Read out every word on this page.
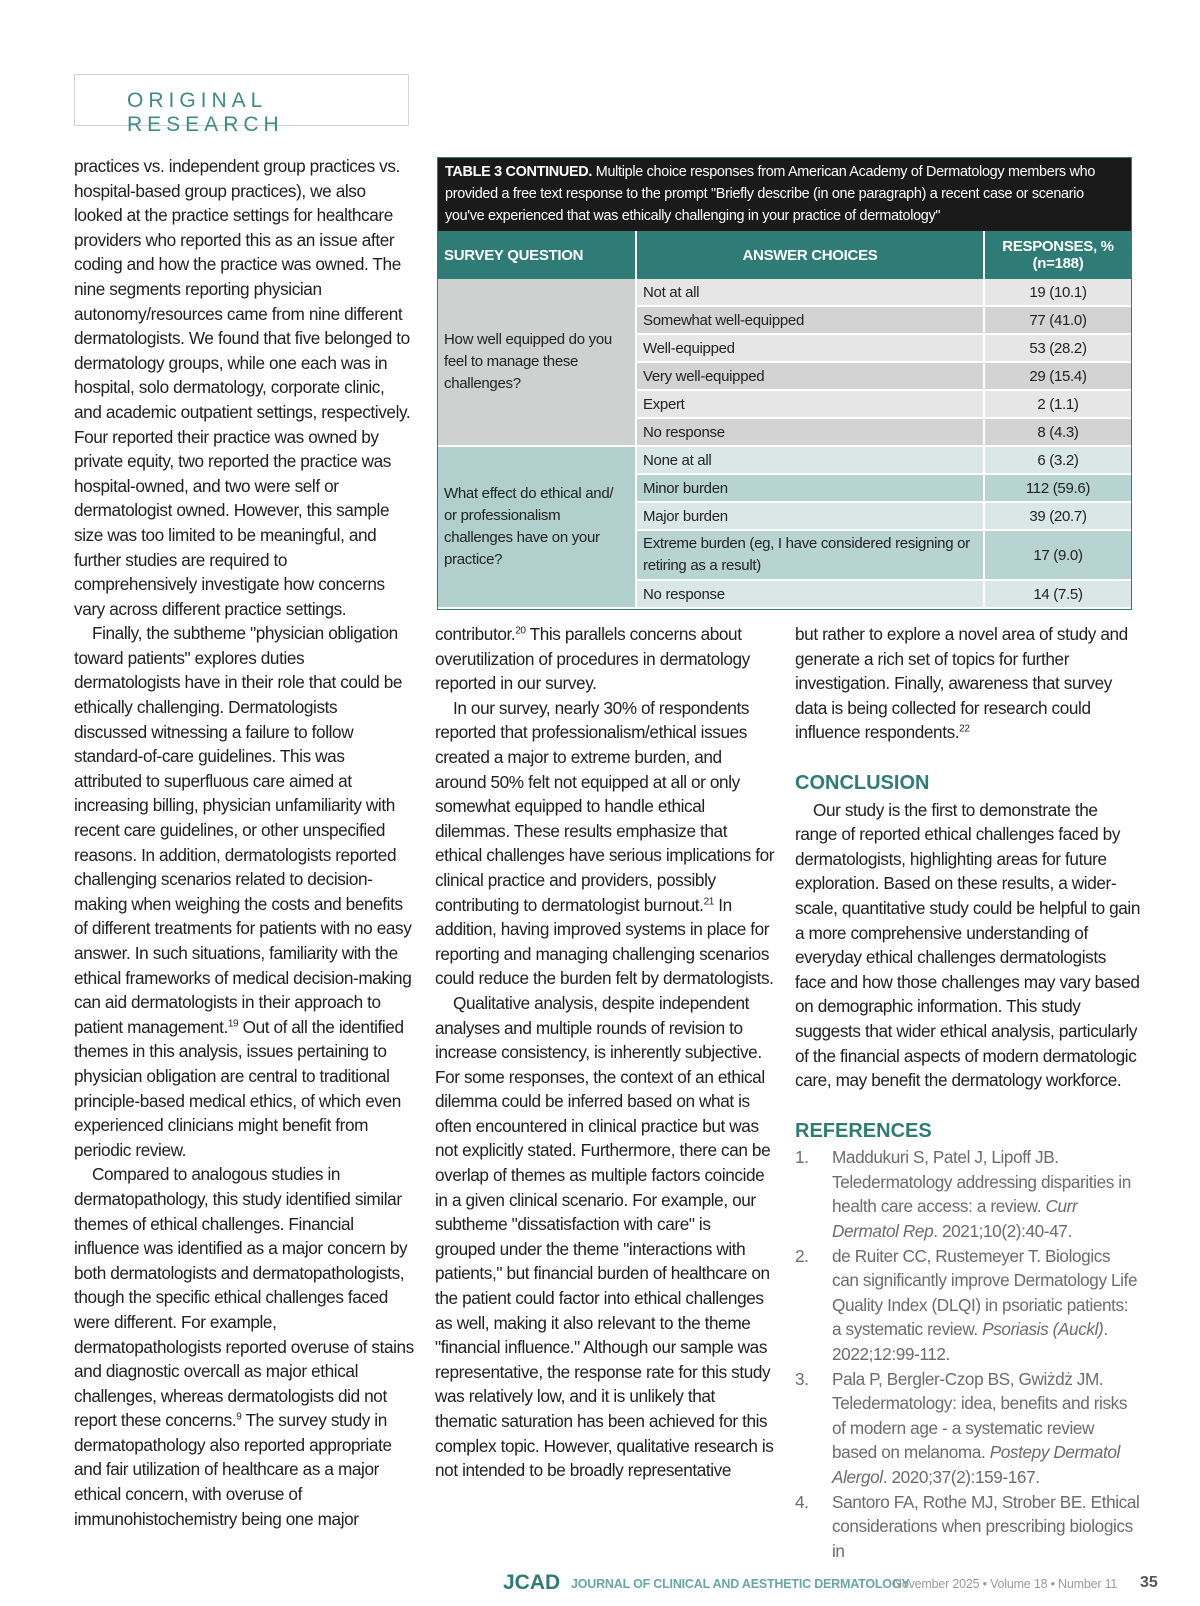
ORIGINAL RESEARCH

practices vs. independent group practices vs. hospital-based group practices), we also looked at the practice settings for healthcare providers who reported this as an issue after coding and how the practice was owned. The nine segments reporting physician autonomy/resources came from nine different dermatologists. We found that five belonged to dermatology groups, while one each was in hospital, solo dermatology, corporate clinic, and academic outpatient settings, respectively. Four reported their practice was owned by private equity, two reported the practice was hospital-owned, and two were self or dermatologist owned. However, this sample size was too limited to be meaningful, and further studies are required to comprehensively investigate how concerns vary across different practice settings.

Finally, the subtheme "physician obligation toward patients" explores duties dermatologists have in their role that could be ethically challenging. Dermatologists discussed witnessing a failure to follow standard-of-care guidelines. This was attributed to superfluous care aimed at increasing billing, physician unfamiliarity with recent care guidelines, or other unspecified reasons. In addition, dermatologists reported challenging scenarios related to decision-making when weighing the costs and benefits of different treatments for patients with no easy answer. In such situations, familiarity with the ethical frameworks of medical decision-making can aid dermatologists in their approach to patient management.$^{19}$ Out of all the identified themes in this analysis, issues pertaining to physician obligation are central to traditional principle-based medical ethics, of which even experienced clinicians might benefit from periodic review.

Compared to analogous studies in dermatopathology, this study identified similar themes of ethical challenges. Financial influence was identified as a major concern by both dermatologists and dermatopathologists, though the specific ethical challenges faced were different. For example, dermatopathologists reported overuse of stains and diagnostic overcall as major ethical challenges, whereas dermatologists did not report these concerns.$^9$ The survey study in dermatopathology also reported appropriate and fair utilization of healthcare as a major ethical concern, with overuse of immunohistochemistry being one major

TABLE 3 CONTINUED. Multiple choice responses from American Academy of Dermatology members who provided a free text response to the prompt "Briefly describe (in one paragraph) a recent case or scenario you've experienced that was ethically challenging in your practice of dermatology"
SURVEY QUESTION	ANSWER CHOICES	RESPONSES, % (n=188)
How well equipped do you feel to manage these challenges?	Not at all	19 (10.1)
	Somewhat well-equipped	77 (41.0)
	Well-equipped	53 (28.2)
	Very well-equipped	29 (15.4)
	Expert	2 (1.1)
	No response	8 (4.3)
What effect do ethical and/ or professionalism challenges have on your practice?	None at all	6 (3.2)
	Minor burden	112 (59.6)
	Major burden	39 (20.7)
	Extreme burden (eg, I have considered resigning or retiring as a result)	17 (9.0)
	No response	14 (7.5)

contributor.$^{20}$ This parallels concerns about overutilization of procedures in dermatology reported in our survey.

In our survey, nearly 30% of respondents reported that professionalism/ethical issues created a major to extreme burden, and around 50% felt not equipped at all or only somewhat equipped to handle ethical dilemmas. These results emphasize that ethical challenges have serious implications for clinical practice and providers, possibly contributing to dermatologist burnout.$^{21}$ In addition, having improved systems in place for reporting and managing challenging scenarios could reduce the burden felt by dermatologists.

Qualitative analysis, despite independent analyses and multiple rounds of revision to increase consistency, is inherently subjective. For some responses, the context of an ethical dilemma could be inferred based on what is often encountered in clinical practice but was not explicitly stated. Furthermore, there can be overlap of themes as multiple factors coincide in a given clinical scenario. For example, our subtheme "dissatisfaction with care" is grouped under the theme "interactions with patients," but financial burden of healthcare on the patient could factor into ethical challenges as well, making it also relevant to the theme "financial influence." Although our sample was representative, the response rate for this study was relatively low, and it is unlikely that thematic saturation has been achieved for this complex topic. However, qualitative research is not intended to be broadly representative

but rather to explore a novel area of study and generate a rich set of topics for further investigation. Finally, awareness that survey data is being collected for research could influence respondents.$^{22}$

CONCLUSION

Our study is the first to demonstrate the range of reported ethical challenges faced by dermatologists, highlighting areas for future exploration. Based on these results, a wider-scale, quantitative study could be helpful to gain a more comprehensive understanding of everyday ethical challenges dermatologists face and how those challenges may vary based on demographic information. This study suggests that wider ethical analysis, particularly of the financial aspects of modern dermatologic care, may benefit the dermatology workforce.

REFERENCES
1. Maddukuri S, Patel J, Lipoff JB. Teledermatology addressing disparities in health care access: a review. Curr Dermatol Rep. 2021;10(2):40-47.
2. de Ruiter CC, Rustemeyer T. Biologics can significantly improve Dermatology Life Quality Index (DLQI) in psoriatic patients: a systematic review. Psoriasis (Auckl). 2022;12:99-112.
3. Pala P, Bergler-Czop BS, Gwiżdż JM. Teledermatology: idea, benefits and risks of modern age - a systematic review based on melanoma. Postepy Dermatol Alergol. 2020;37(2):159-167.
4. Santoro FA, Rothe MJ, Strober BE. Ethical considerations when prescribing biologics in
JCAD JOURNAL OF CLINICAL AND AESTHETIC DERMATOLOGY
November 2025 • Volume 18 • Number 11 35
